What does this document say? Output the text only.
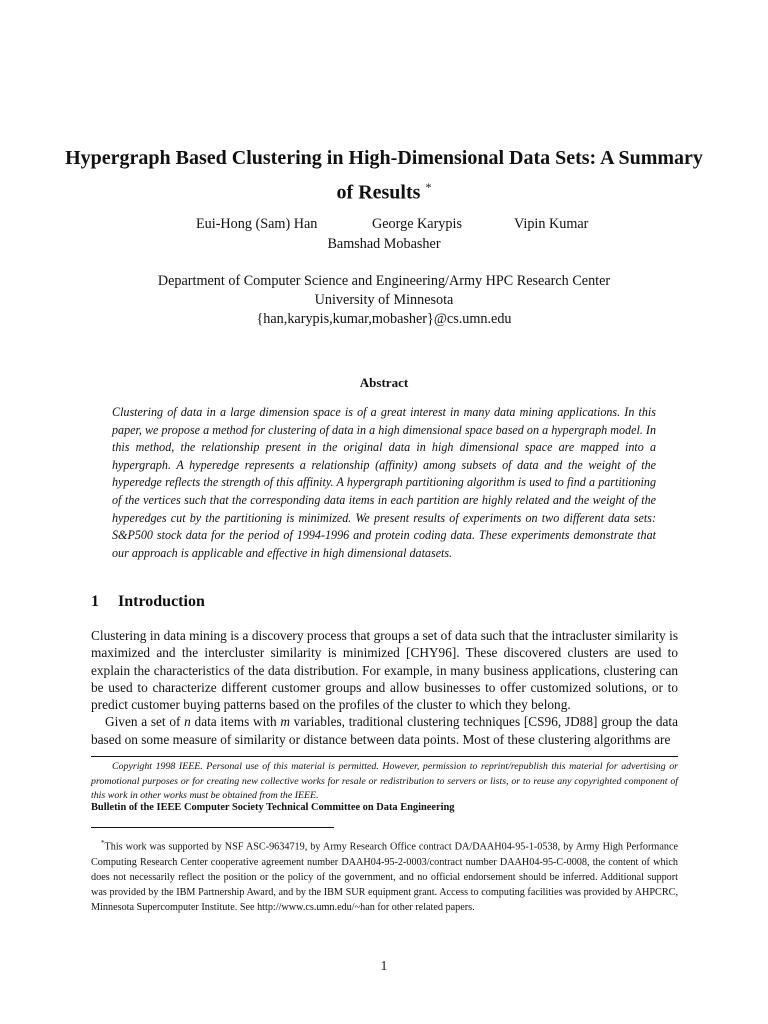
Hypergraph Based Clustering in High-Dimensional Data Sets: A Summary of Results *
Eui-Hong (Sam) Han	George Karypis	Vipin Kumar
Bamshad Mobasher
Department of Computer Science and Engineering/Army HPC Research Center
University of Minnesota
{han,karypis,kumar,mobasher}@cs.umn.edu
Abstract
Clustering of data in a large dimension space is of a great interest in many data mining applications. In this paper, we propose a method for clustering of data in a high dimensional space based on a hypergraph model. In this method, the relationship present in the original data in high dimensional space are mapped into a hypergraph. A hyperedge represents a relationship (affinity) among subsets of data and the weight of the hyperedge reflects the strength of this affinity. A hypergraph partitioning algorithm is used to find a partitioning of the vertices such that the corresponding data items in each partition are highly related and the weight of the hyperedges cut by the partitioning is minimized. We present results of experiments on two different data sets: S&P500 stock data for the period of 1994-1996 and protein coding data. These experiments demonstrate that our approach is applicable and effective in high dimensional datasets.
1 Introduction

Clustering in data mining is a discovery process that groups a set of data such that the intracluster similarity is maximized and the intercluster similarity is minimized [CHY96]. These discovered clusters are used to explain the characteristics of the data distribution. For example, in many business applications, clustering can be used to characterize different customer groups and allow businesses to offer customized solutions, or to predict customer buying patterns based on the profiles of the cluster to which they belong.

Given a set of n data items with m variables, traditional clustering techniques [CS96, JD88] group the data based on some measure of similarity or distance between data points. Most of these clustering algorithms are

Copyright 1998 IEEE. Personal use of this material is permitted. However, permission to reprint/republish this material for advertising or promotional purposes or for creating new collective works for resale or redistribution to servers or lists, or to reuse any copyrighted component of this work in other works must be obtained from the IEEE.

Bulletin of the IEEE Computer Society Technical Committee on Data Engineering

*This work was supported by NSF ASC-9634719, by Army Research Office contract DA/DAAH04-95-1-0538, by Army High Performance Computing Research Center cooperative agreement number DAAH04-95-2-0003/contract number DAAH04-95-C-0008, the content of which does not necessarily reflect the position or the policy of the government, and no official endorsement should be inferred. Additional support was provided by the IBM Partnership Award, and by the IBM SUR equipment grant. Access to computing facilities was provided by AHPCRC, Minnesota Supercomputer Institute. See http://www.cs.umn.edu/~han for other related papers.

1
